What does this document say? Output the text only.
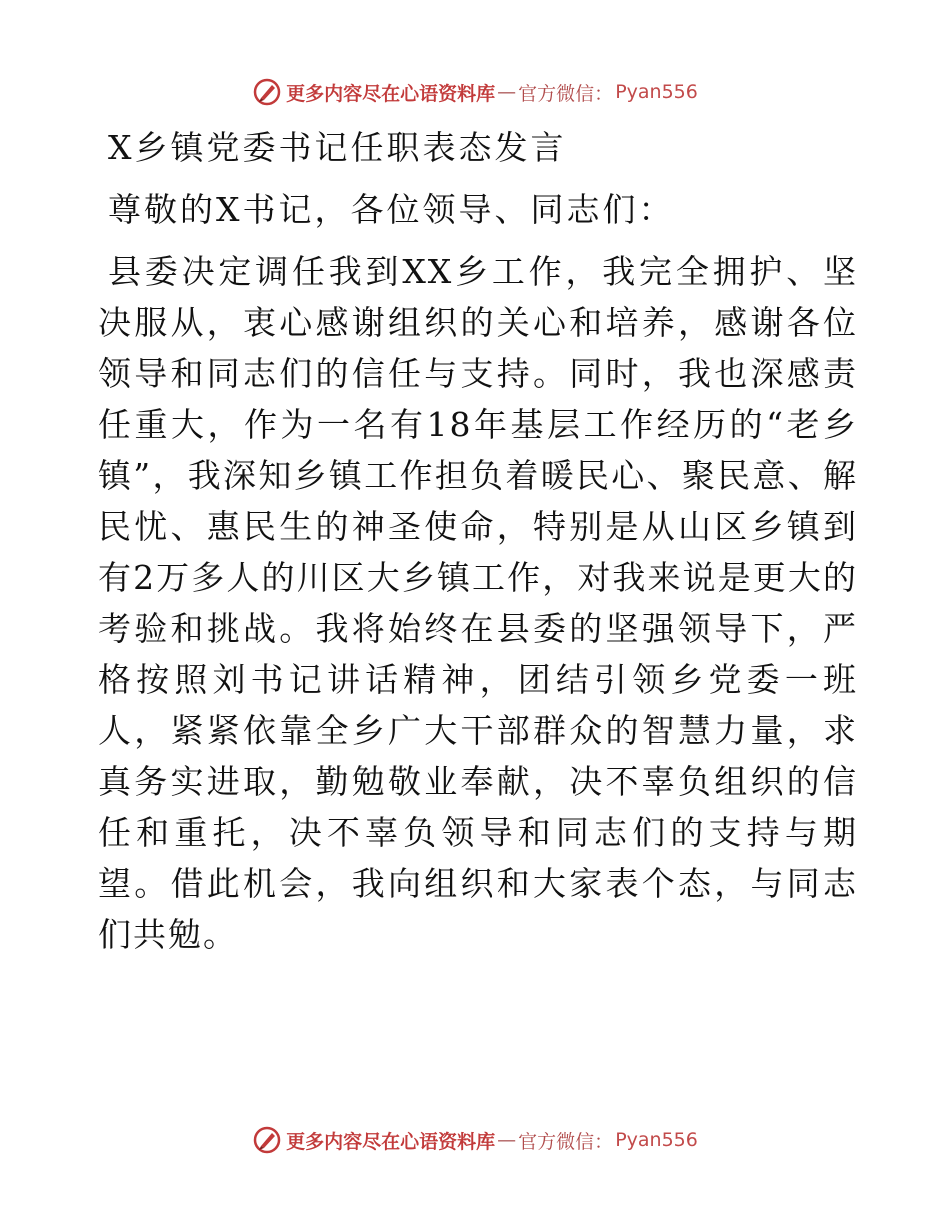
更多内容尽在心语资料库 — 官方微信： Pyan556
X乡镇党委书记任职表态发言

尊敬的X书记，各位领导、同志们：

县委决定调任我到XX乡工作，我完全拥护、坚决服从，衷心感谢组织的关心和培养，感谢各位领导和同志们的信任与支持。同时，我也深感责任重大，作为一名有18年基层工作经历的“老乡镇”，我深知乡镇工作担负着暖民心、聚民意、解民忧、惠民生的神圣使命，特别是从山区乡镇到有2万多人的川区大乡镇工作，对我来说是更大的考验和挑战。我将始终在县委的坚强领导下，严格按照刘书记讲话精神，团结引领乡党委一班人，紧紧依靠全乡广大干部群众的智慧力量，求真务实进取，勤勉敬业奉献，决不辜负组织的信任和重托，决不辜负领导和同志们的支持与期望。借此机会，我向组织和大家表个态，与同志们共勉。

更多内容尽在心语资料库 — 官方微信： Pyan556
